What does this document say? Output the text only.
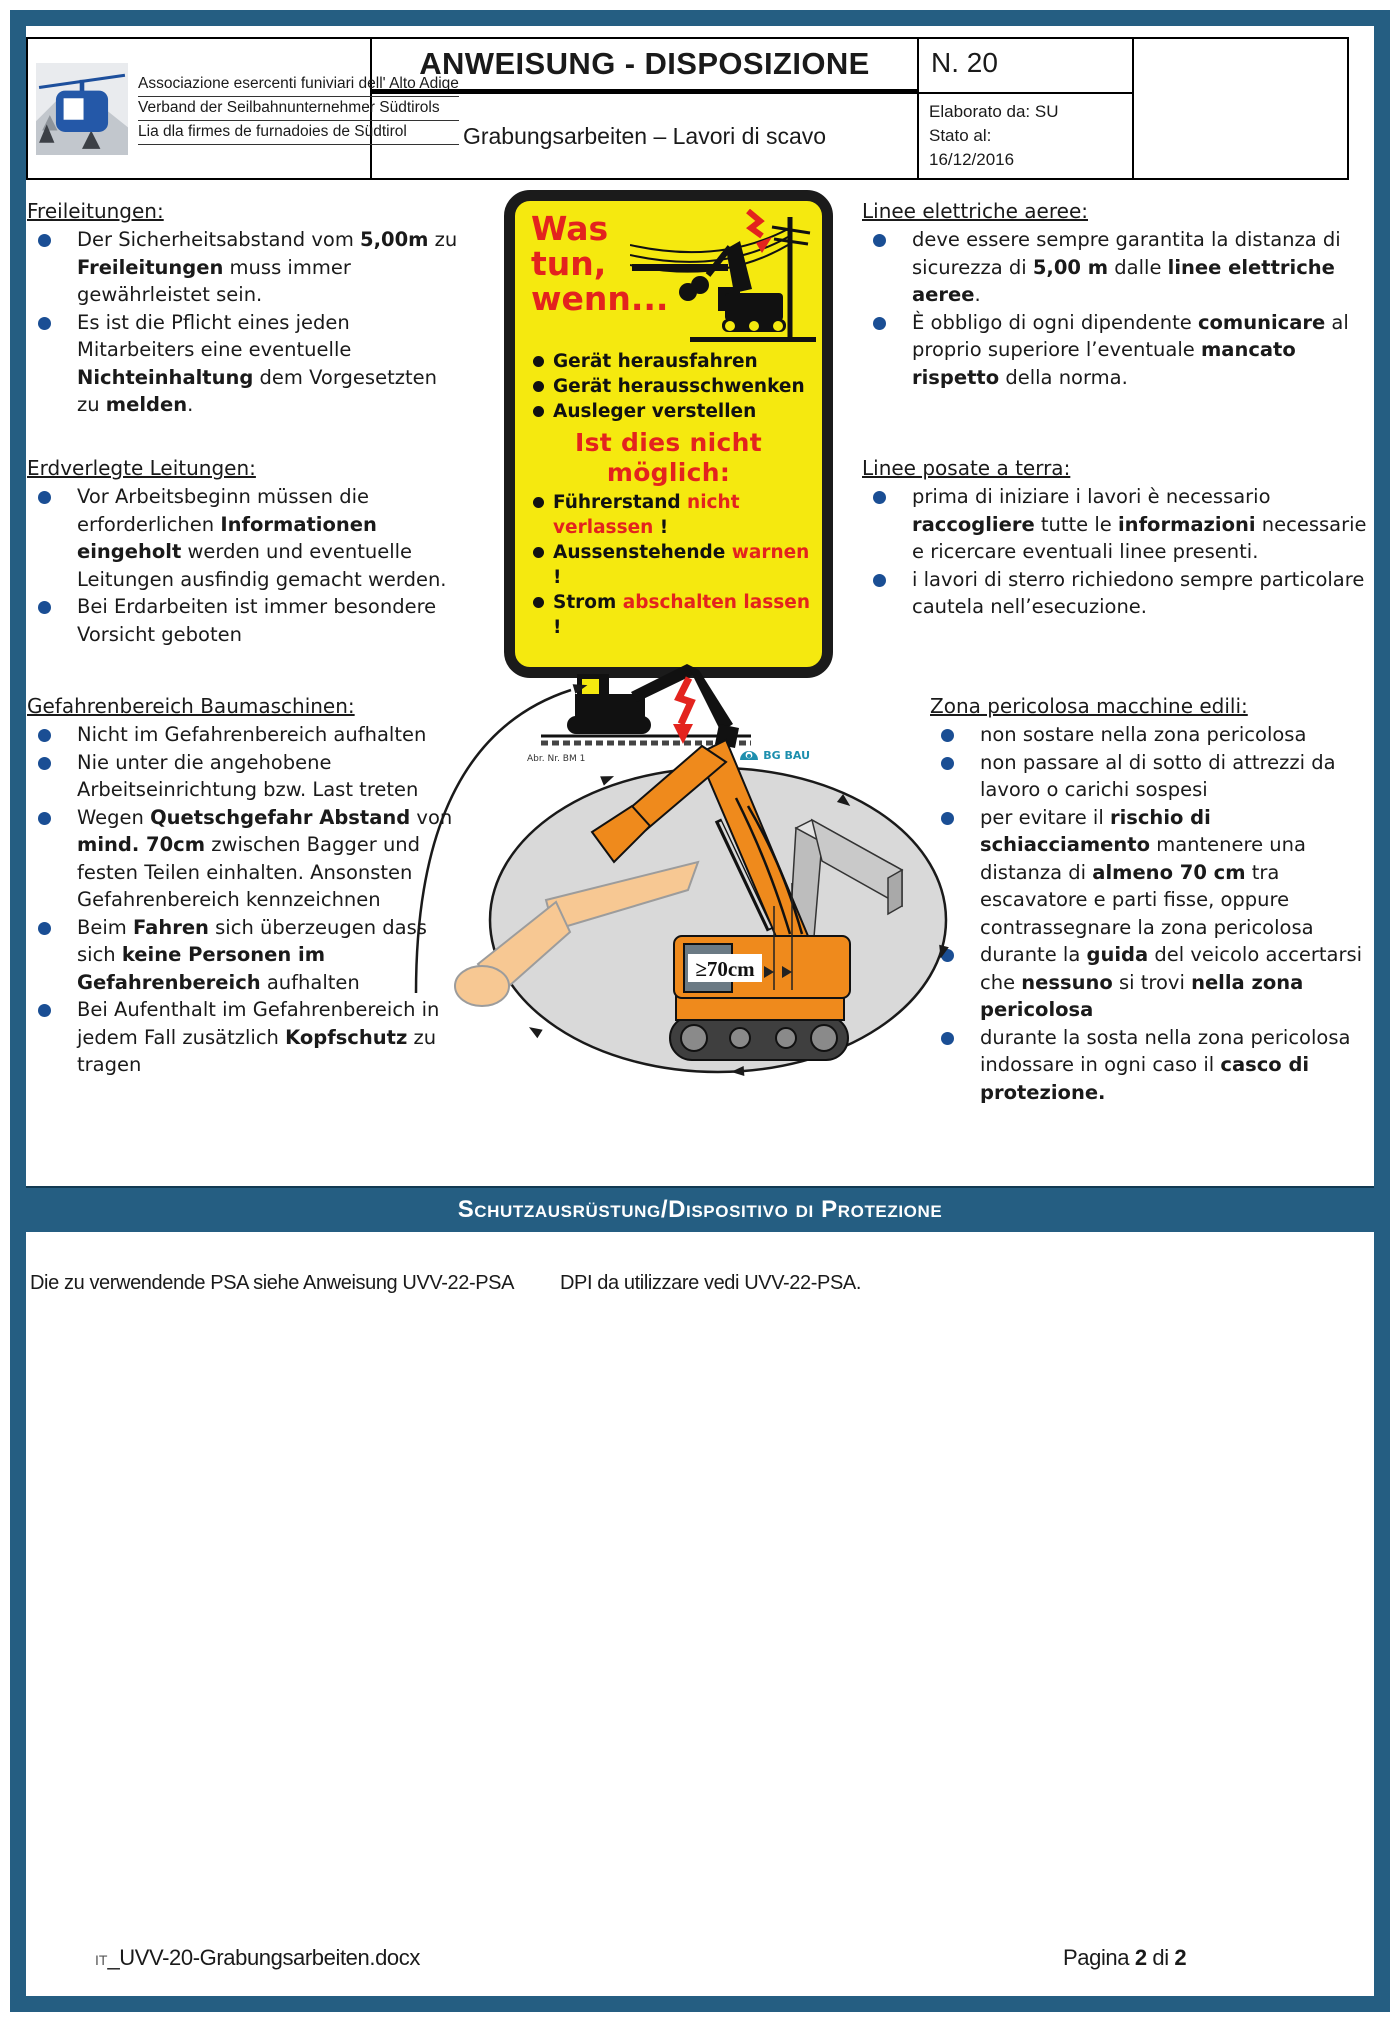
Associazione esercenti funiviari dell' Alto Adige
Verband der Seilbahnunternehmer Südtirols
Lia dla firmes de furnadoies de Südtirol
ANWEISUNG - DISPOSIZIONE	N. 20
Grabungsarbeiten – Lavori di scavo
Elaborato da: SU
Stato al:
16/12/2016
Freileitungen:
Der Sicherheitsabstand vom 5,00m zu Freileitungen muss immer gewährleistet sein.
Es ist die Pflicht eines jeden Mitarbeiters eine eventuelle Nichteinhaltung dem Vorgesetzten zu melden.
Erdverlegte Leitungen:
Vor Arbeitsbeginn müssen die erforderlichen Informationen eingeholt werden und eventuelle Leitungen ausfindig gemacht werden.
Bei Erdarbeiten ist immer besondere Vorsicht geboten
Gefahrenbereich Baumaschinen:
Nicht im Gefahrenbereich aufhalten
Nie unter die angehobene Arbeitseinrichtung bzw. Last treten
Wegen Quetschgefahr Abstand von mind. 70cm zwischen Bagger und festen Teilen einhalten. Ansonsten Gefahrenbereich kennzeichnen
Beim Fahren sich überzeugen dass sich keine Personen im Gefahrenbereich aufhalten
Bei Aufenthalt im Gefahrenbereich in jedem Fall zusätzlich Kopfschutz zu tragen
Linee elettriche aeree:
deve essere sempre garantita la distanza di sicurezza di 5,00 m dalle linee elettriche aeree.
È obbligo di ogni dipendente comunicare al proprio superiore l’eventuale mancato rispetto della norma.
Linee posate a terra:
prima di iniziare i lavori è necessario raccogliere tutte le informazioni necessarie e ricercare eventuali linee presenti.
i lavori di sterro richiedono sempre particolare cautela nell’esecuzione.
Zona pericolosa macchine edili:
non sostare nella zona pericolosa
non passare al di sotto di attrezzi da lavoro o carichi sospesi
per evitare il rischio di schiacciamento mantenere una distanza di almeno 70 cm tra escavatore e parti fisse, oppure contrassegnare la zona pericolosa
durante la guida del veicolo accertarsi che nessuno si trovi nella zona pericolosa
durante la sosta nella zona pericolosa indossare in ogni caso il casco di protezione.
Was
tun,
wenn...
Gerät herausfahren
Gerät herausschwenken
Ausleger verstellen
Ist dies nicht möglich:
Führerstand nicht verlassen !
Aussenstehende warnen !
Strom abschalten lassen !
Abr. Nr. BM 1	BG BAU
≥70cm
Schutzausrüstung/Dispositivo di Protezione
Die zu verwendende PSA siehe Anweisung UVV-22-PSA DPI da utilizzare vedi UVV-22-PSA.
IT_UVV-20-Grabungsarbeiten.docx	Pagina 2 di 2
